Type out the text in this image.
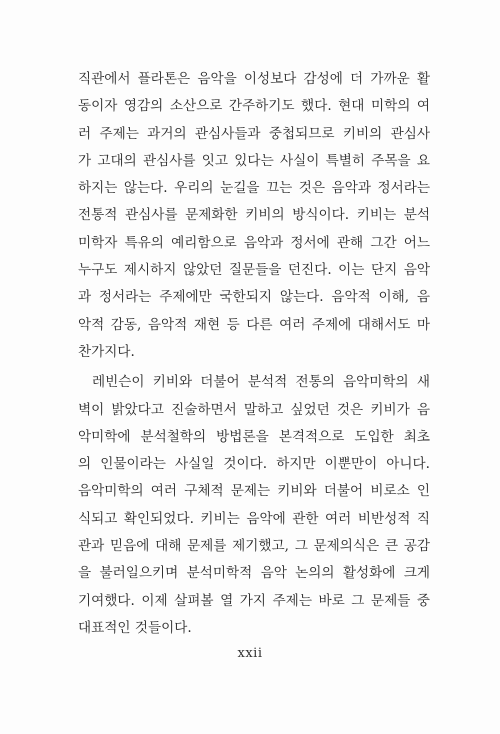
직관에서 플라톤은 음악을 이성보다 감성에 더 가까운 활
동이자 영감의 소산으로 간주하기도 했다. 현대 미학의 여
러 주제는 과거의 관심사들과 중첩되므로 키비의 관심사
가 고대의 관심사를 잇고 있다는 사실이 특별히 주목을 요
하지는 않는다. 우리의 눈길을 끄는 것은 음악과 정서라는
전통적 관심사를 문제화한 키비의 방식이다. 키비는 분석
미학자 특유의 예리함으로 음악과 정서에 관해 그간 어느
누구도 제시하지 않았던 질문들을 던진다. 이는 단지 음악
과 정서라는 주제에만 국한되지 않는다. 음악적 이해, 음
악적 감동, 음악적 재현 등 다른 여러 주제에 대해서도 마
찬가지다.
레빈슨이 키비와 더불어 분석적 전통의 음악미학의 새
벽이 밝았다고 진술하면서 말하고 싶었던 것은 키비가 음
악미학에 분석철학의 방법론을 본격적으로 도입한 최초
의 인물이라는 사실일 것이다. 하지만 이뿐만이 아니다.
음악미학의 여러 구체적 문제는 키비와 더불어 비로소 인
식되고 확인되었다. 키비는 음악에 관한 여러 비반성적 직
관과 믿음에 대해 문제를 제기했고, 그 문제의식은 큰 공감
을 불러일으키며 분석미학적 음악 논의의 활성화에 크게
기여했다. 이제 살펴볼 열 가지 주제는 바로 그 문제들 중
대표적인 것들이다.
xxii
